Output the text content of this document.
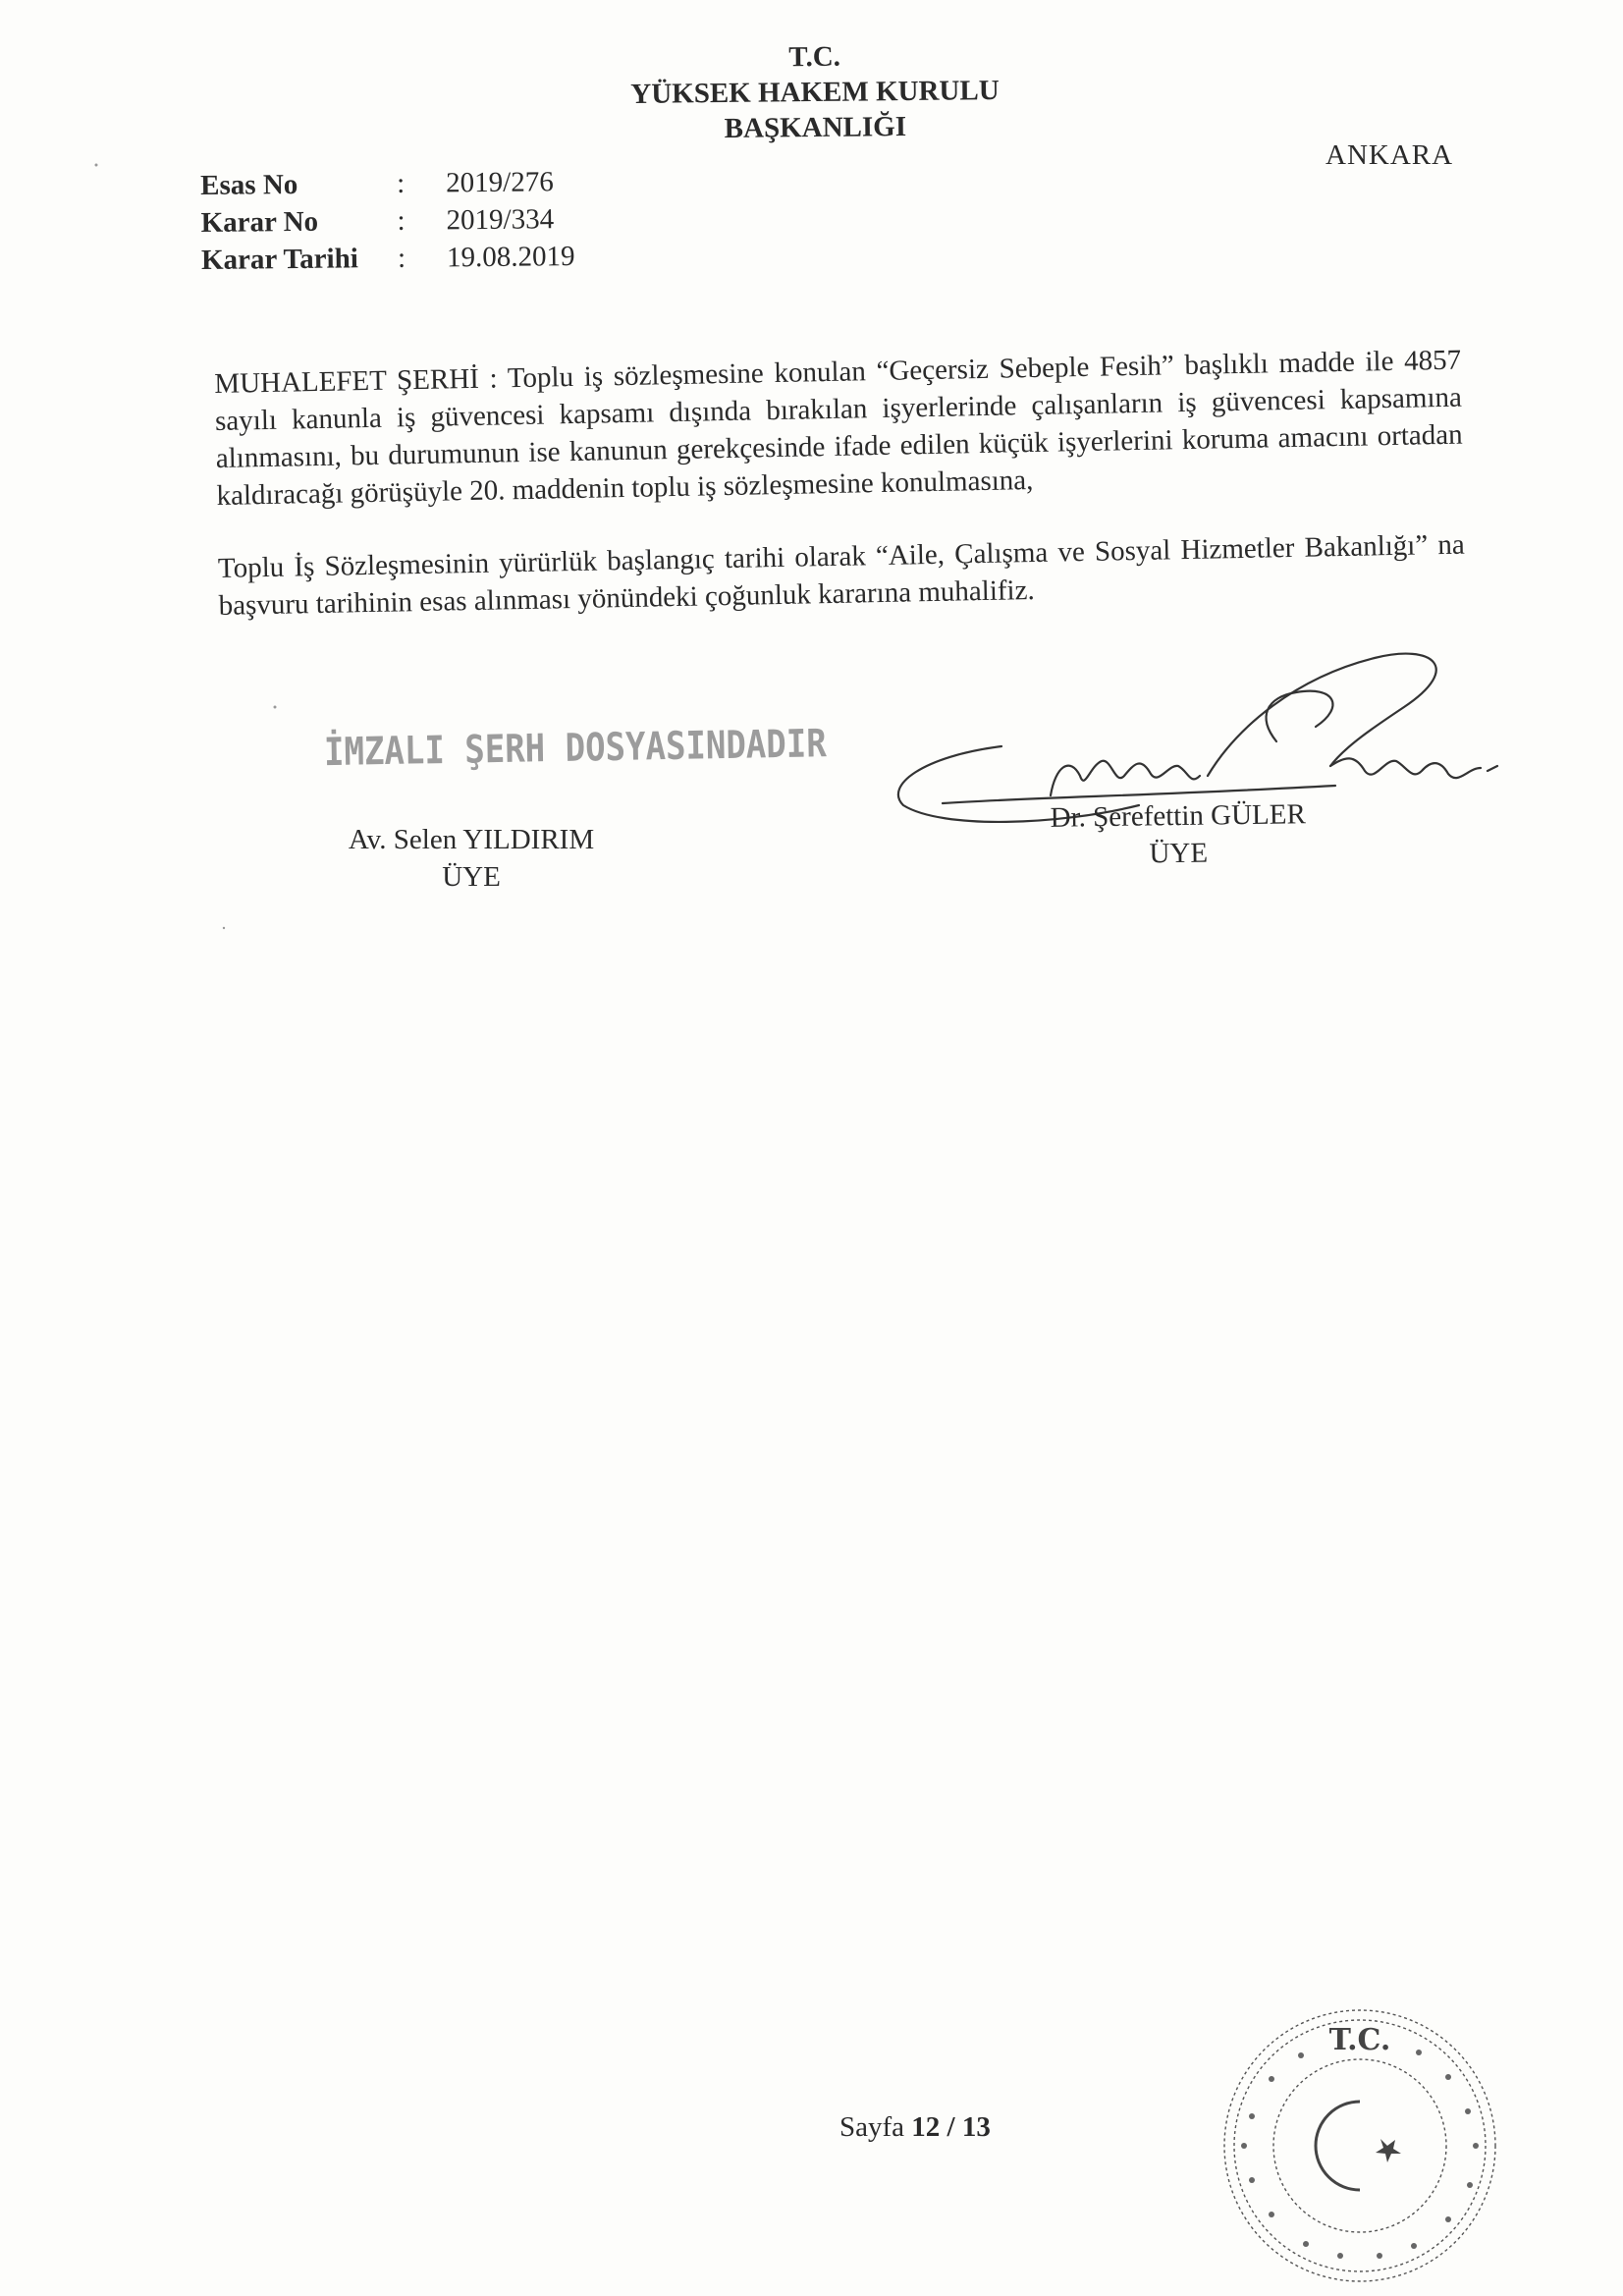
T.C.
YÜKSEK HAKEM KURULU
BAŞKANLIĞI
ANKARA
Esas No	:	2019/276
Karar No	:	2019/334
Karar Tarihi	:	19.08.2019

MUHALEFET ŞERHİ : Toplu iş sözleşmesine konulan “Geçersiz Sebeple Fesih” başlıklı madde ile 4857 sayılı kanunla iş güvencesi kapsamı dışında bırakılan işyerlerinde çalışanların iş güvencesi kapsamına alınmasını, bu durumunun ise kanunun gerekçesinde ifade edilen küçük işyerlerini koruma amacını ortadan kaldıracağı görüşüyle 20. maddenin toplu iş sözleşmesine konulmasına,

Toplu İş Sözleşmesinin yürürlük başlangıç tarihi olarak “Aile, Çalışma ve Sosyal Hizmetler Bakanlığı” na başvuru tarihinin esas alınması yönündeki çoğunluk kararına muhalifiz.

İMZALI ŞERH DOSYASINDADIR
Av. Selen YILDIRIM
ÜYE
Dr. Şerefettin GÜLER
ÜYE
Sayfa 12 / 13
T.C.
